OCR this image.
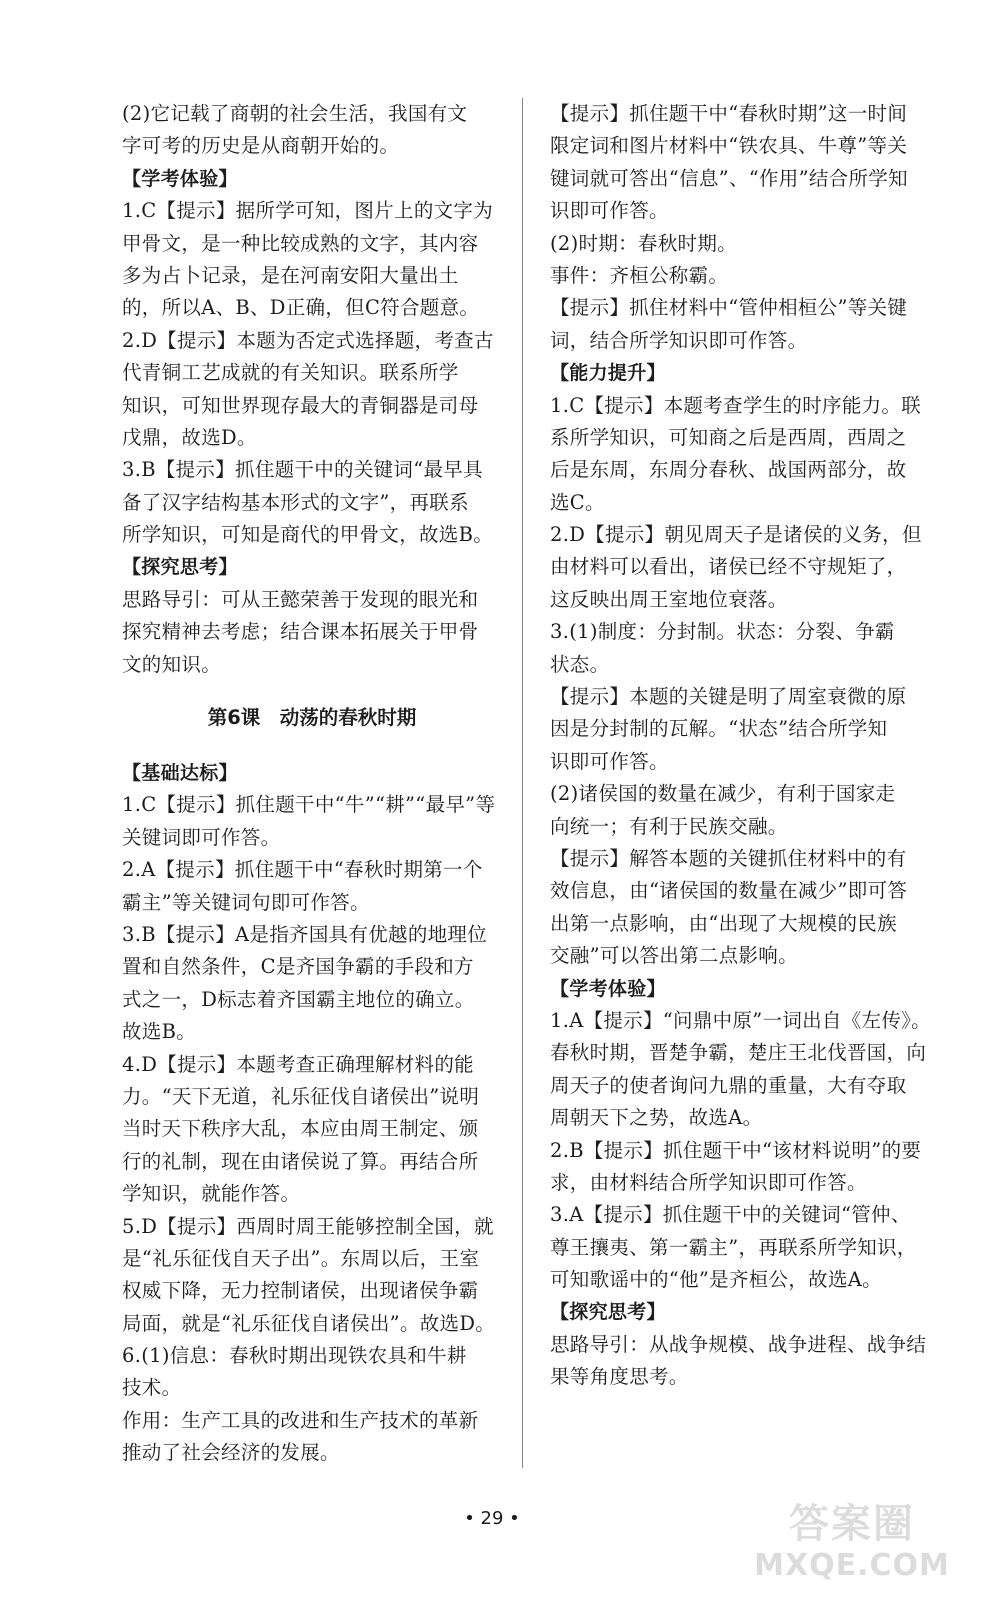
(2)它记载了商朝的社会生活，我国有文
字可考的历史是从商朝开始的。
【学考体验】
1.C【提示】据所学可知，图片上的文字为
甲骨文，是一种比较成熟的文字，其内容
多为占卜记录，是在河南安阳大量出土
的，所以A、B、D正确，但C符合题意。
2.D【提示】本题为否定式选择题，考查古
代青铜工艺成就的有关知识。联系所学
知识，可知世界现存最大的青铜器是司母
戊鼎，故选D。
3.B【提示】抓住题干中的关键词“最早具
备了汉字结构基本形式的文字”，再联系
所学知识，可知是商代的甲骨文，故选B。
【探究思考】
思路导引：可从王懿荣善于发现的眼光和
探究精神去考虑；结合课本拓展关于甲骨
文的知识。
第6课　动荡的春秋时期
【基础达标】
1.C【提示】抓住题干中“牛”“耕”“最早”等
关键词即可作答。
2.A【提示】抓住题干中“春秋时期第一个
霸主”等关键词句即可作答。
3.B【提示】A是指齐国具有优越的地理位
置和自然条件，C是齐国争霸的手段和方
式之一，D标志着齐国霸主地位的确立。
故选B。
4.D【提示】本题考查正确理解材料的能
力。“天下无道，礼乐征伐自诸侯出”说明
当时天下秩序大乱，本应由周王制定、颁
行的礼制，现在由诸侯说了算。再结合所
学知识，就能作答。
5.D【提示】西周时周王能够控制全国，就
是“礼乐征伐自天子出”。东周以后，王室
权威下降，无力控制诸侯，出现诸侯争霸
局面，就是“礼乐征伐自诸侯出”。故选D。
6.(1)信息：春秋时期出现铁农具和牛耕
技术。
作用：生产工具的改进和生产技术的革新
推动了社会经济的发展。
【提示】抓住题干中“春秋时期”这一时间
限定词和图片材料中“铁农具、牛尊”等关
键词就可答出“信息”、“作用”结合所学知
识即可作答。
(2)时期：春秋时期。
事件：齐桓公称霸。
【提示】抓住材料中“管仲相桓公”等关键
词，结合所学知识即可作答。
【能力提升】
1.C【提示】本题考查学生的时序能力。联
系所学知识，可知商之后是西周，西周之
后是东周，东周分春秋、战国两部分，故
选C。
2.D【提示】朝见周天子是诸侯的义务，但
由材料可以看出，诸侯已经不守规矩了，
这反映出周王室地位衰落。
3.(1)制度：分封制。状态：分裂、争霸
状态。
【提示】本题的关键是明了周室衰微的原
因是分封制的瓦解。“状态”结合所学知
识即可作答。
(2)诸侯国的数量在减少，有利于国家走
向统一；有利于民族交融。
【提示】解答本题的关键抓住材料中的有
效信息，由“诸侯国的数量在减少”即可答
出第一点影响，由“出现了大规模的民族
交融”可以答出第二点影响。
【学考体验】
1.A【提示】“问鼎中原”一词出自《左传》。
春秋时期，晋楚争霸，楚庄王北伐晋国，向
周天子的使者询问九鼎的重量，大有夺取
周朝天下之势，故选A。
2.B【提示】抓住题干中“该材料说明”的要
求，由材料结合所学知识即可作答。
3.A【提示】抓住题干中的关键词“管仲、
尊王攘夷、第一霸主”，再联系所学知识，
可知歌谣中的“他”是齐桓公，故选A。
【探究思考】
思路导引：从战争规模、战争进程、战争结
果等角度思考。
• 29 •	答案圈
MXQE.COM
